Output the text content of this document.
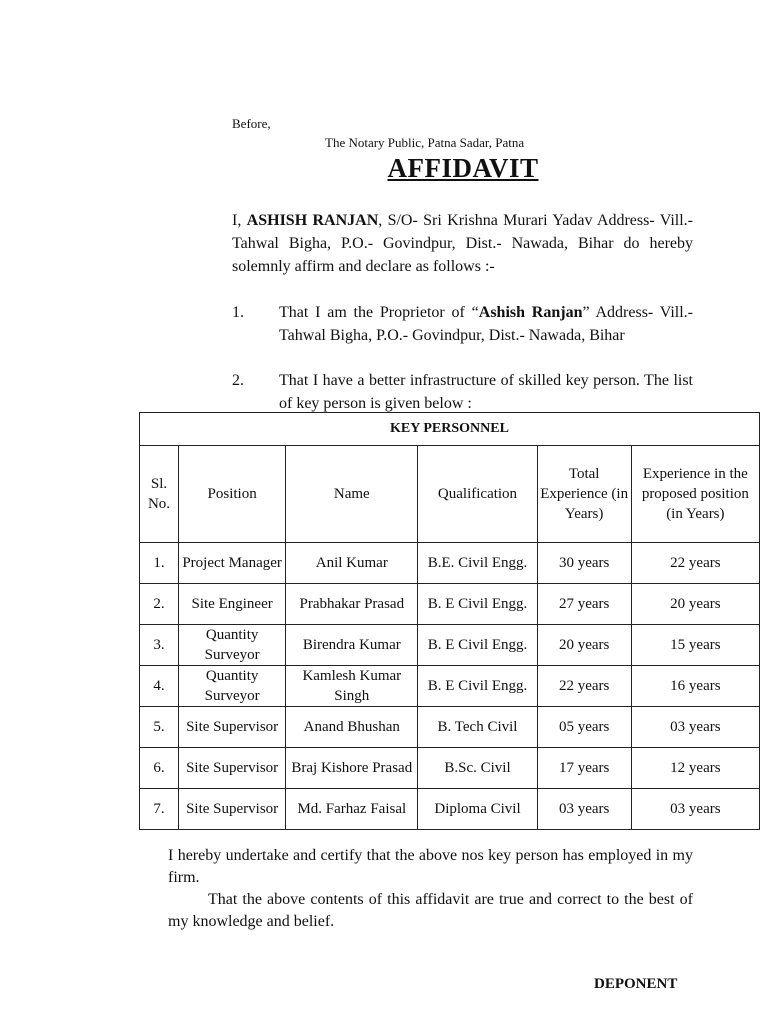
Before,
The Notary Public, Patna Sadar, Patna
AFFIDAVIT
I, ASHISH RANJAN, S/O- Sri Krishna Murari Yadav Address- Vill.- Tahwal Bigha, P.O.- Govindpur, Dist.- Nawada, Bihar do hereby solemnly affirm and declare as follows :-
1. That I am the Proprietor of “Ashish Ranjan” Address- Vill.- Tahwal Bigha, P.O.- Govindpur, Dist.- Nawada, Bihar
2. That I have a better infrastructure of skilled key person. The list of key person is given below :
KEY PERSONNEL					
Sl. No.	Position	Name	Qualification	Total Experience (in Years)	Experience in the proposed position (in Years)
1.	Project Manager	Anil Kumar	B.E. Civil Engg.	30 years	22 years
2.	Site Engineer	Prabhakar Prasad	B. E Civil Engg.	27 years	20 years
3.	Quantity Surveyor	Birendra Kumar	B. E Civil Engg.	20 years	15 years
4.	Quantity Surveyor	Kamlesh Kumar Singh	B. E Civil Engg.	22 years	16 years
5.	Site Supervisor	Anand Bhushan	B. Tech Civil	05 years	03 years
6.	Site Supervisor	Braj Kishore Prasad	B.Sc. Civil	17 years	12 years
7.	Site Supervisor	Md. Farhaz Faisal	Diploma Civil	03 years	03 years

I hereby undertake and certify that the above nos key person has employed in my firm.

That the above contents of this affidavit are true and correct to the best of my knowledge and belief.

DEPONENT
